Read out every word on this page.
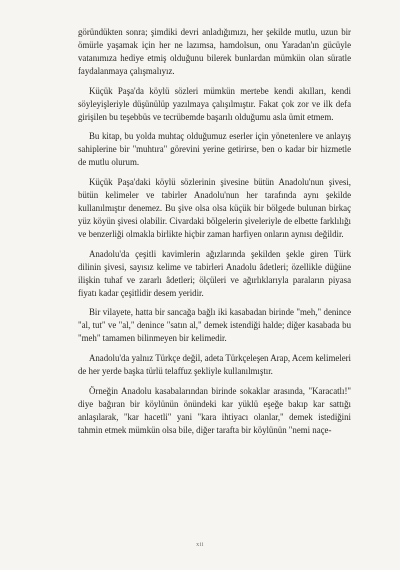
göründükten sonra; şimdiki devri anladığımızı, her şekilde mutlu, uzun bir ömürle yaşamak için her ne lazımsa, hamdolsun, onu Yaradan'ın gücüyle vatanımıza hediye etmiş olduğunu bilerek bunlardan mümkün olan süratle faydalanmaya çalışmalıyız.

Küçük Paşa'da köylü sözleri mümkün mertebe kendi akılları, kendi söyleyişleriyle düşünülüp yazılmaya çalışılmıştır. Fakat çok zor ve ilk defa girişilen bu teşebbüs ve tecrübemde başarılı olduğumu asla ümit etmem.

Bu kitap, bu yolda muhtaç olduğumuz eserler için yönetenlere ve anlayış sahiplerine bir "muhtıra" görevini yerine getirirse, ben o kadar bir hizmetle de mutlu olurum.

Küçük Paşa'daki köylü sözlerinin şivesine bütün Anadolu'nun şivesi, bütün kelimeler ve tabirler Anadolu'nun her tarafında aynı şekilde kullanılmıştır denemez. Bu şive olsa olsa küçük bir bölgede bulunan birkaç yüz köyün şivesi olabilir. Civardaki bölgelerin şiveleriyle de elbette farklılığı ve benzerliği olmakla birlikte hiçbir zaman harfiyen onların aynısı değildir.

Anadolu'da çeşitli kavimlerin ağızlarında şekilden şekle giren Türk dilinin şivesi, sayısız kelime ve tabirleri Anadolu âdetleri; özellikle düğüne ilişkin tuhaf ve zararlı âdetleri; ölçüleri ve ağırlıklarıyla paraların piyasa fiyatı kadar çeşitlidir desem yeridir.

Bir vilayete, hatta bir sancağa bağlı iki kasabadan birinde "meh," denince "al, tut" ve "al," denince "satın al," demek istendiği halde; diğer kasabada bu "meh" tamamen bilinmeyen bir kelimedir.

Anadolu'da yalnız Türkçe değil, adeta Türkçeleşen Arap, Acem kelimeleri de her yerde başka türlü telaffuz şekliyle kullanılmıştır.

Örneğin Anadolu kasabalarından birinde sokaklar arasında, "Karacatlı!" diye bağıran bir köylünün önündeki kar yüklü eşeğe bakıp kar sattığı anlaşılarak, "kar hacetli" yani "kara ihtiyacı olanlar," demek istediğini tahmin etmek mümkün olsa bile, diğer tarafta bir köylünün "nemi naçe-

xii
